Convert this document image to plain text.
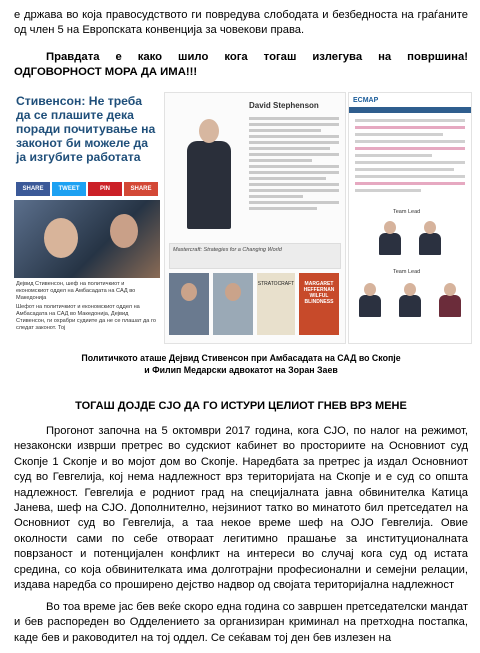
е држава во која правосудството ги повредува слободата и безбедноста на граѓаните од член 5 на Европската конвенција за човекови права.

Правдата е како шило кога тогаш излегува на површина!
ОДГОВОРНОСТ МОРА ДА ИМА!!!
Стивенсон: Не треба да се плашите дека поради почитување на законот би можеле да ја изгубите работата
SHARE	TWEET	PIN	SHARE
Дејвид Стивенсон, шеф на политичкиот и економскиот оддел на Амбасадата на САД во Македонија
Шефот на политичкиот и економскиот оддел на Амбасадата на САД во Македонија, Дејвид Стивенсон, ги охрабри судиите да не се плашат да го следат законот. Тој
David Stephenson
Mastercraft: Strategies for a Changing World
STRATOCRAFT	MARGARET HEFFERNAN WILFUL BLINDNESS
ECMAP
Team Lead
Team Lead
Политичкото аташе Дејвид Стивенсон при Амбасадата на САД во Скопје
и Филип Медарски адвокатот на Зоран Заев
ТОГАШ ДОЈДЕ СЈО ДА ГО ИСТУРИ ЦЕЛИОТ ГНЕВ ВРЗ МЕНЕ

Прогонот започна на 5 октомври 2017 година, кога СЈО, по налог на режимот, незаконски изврши претрес во судскиот кабинет во просториите на Основниот суд Скопје 1 Скопје и во мојот дом во Скопје. Наредбата за претрес ја издал Основниот суд во Гевгелија, кој нема надлежност врз територијата на Скопје и е суд со општа надлежност. Гевгелија е родниот град на специјалната јавна обвинителка Катица Јанева, шеф на СЈО. Дополнително, нејзиниот татко во минатото бил претседател на Основниот суд во Гевгелија, а таа некое време шеф на ОЈО Гевгелија. Овие околности сами по себе отвораат легитимно прашање за институционалната поврзаност и потенцијален конфликт на интереси во случај кога суд од истата средина, со која обвинителката има долготрајни професионални и семејни релации, издава наредба со проширено дејство надвор од својата територијална надлежност

Во тоа време јас бев веќе скоро една година со завршен претседателски мандат и бев распореден во Одделението за организиран криминал на претходна постапка, каде бев и раководител на тој оддел. Се сеќавам тој ден бев излезен на
